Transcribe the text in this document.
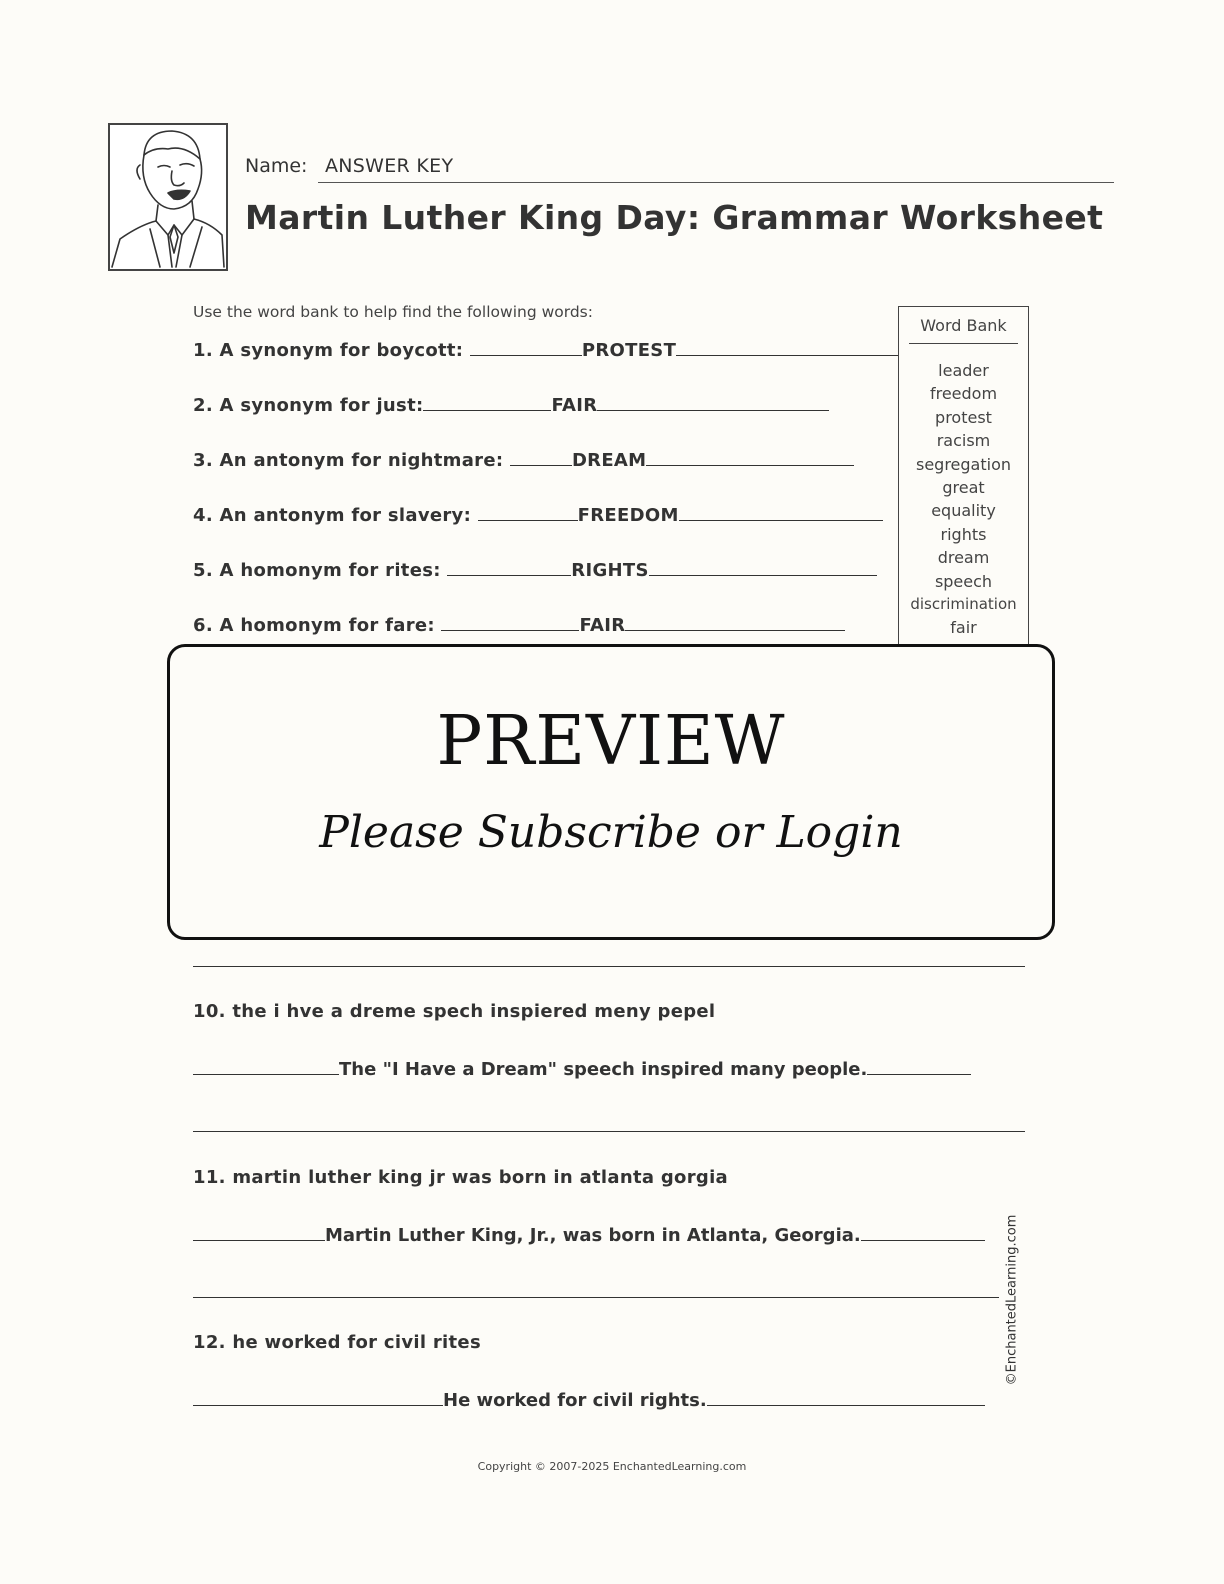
Name: ANSWER KEY
Martin Luther King Day: Grammar Worksheet
Use the word bank to help find the following words:
1. A synonym for boycott:	PROTEST
2. A synonym for just:	FAIR
3. An antonym for nightmare:	DREAM
4. An antonym for slavery:	FREEDOM
5. A homonym for rites:	RIGHTS
6. A homonym for fare:	FAIR
Word Bank
leader
freedom
protest
racism
segregation
great
equality
rights
dream
speech
discrimination
fair
PREVIEW
Please Subscribe or Login
10. the i hve a dreme spech inspiered meny pepel
The "I Have a Dream" speech inspired many people.
11. martin luther king jr was born in atlanta gorgia
Martin Luther King, Jr., was born in Atlanta, Georgia.
12. he worked for civil rites
He worked for civil rights.
©EnchantedLearning.com
Copyright © 2007-2025 EnchantedLearning.com
